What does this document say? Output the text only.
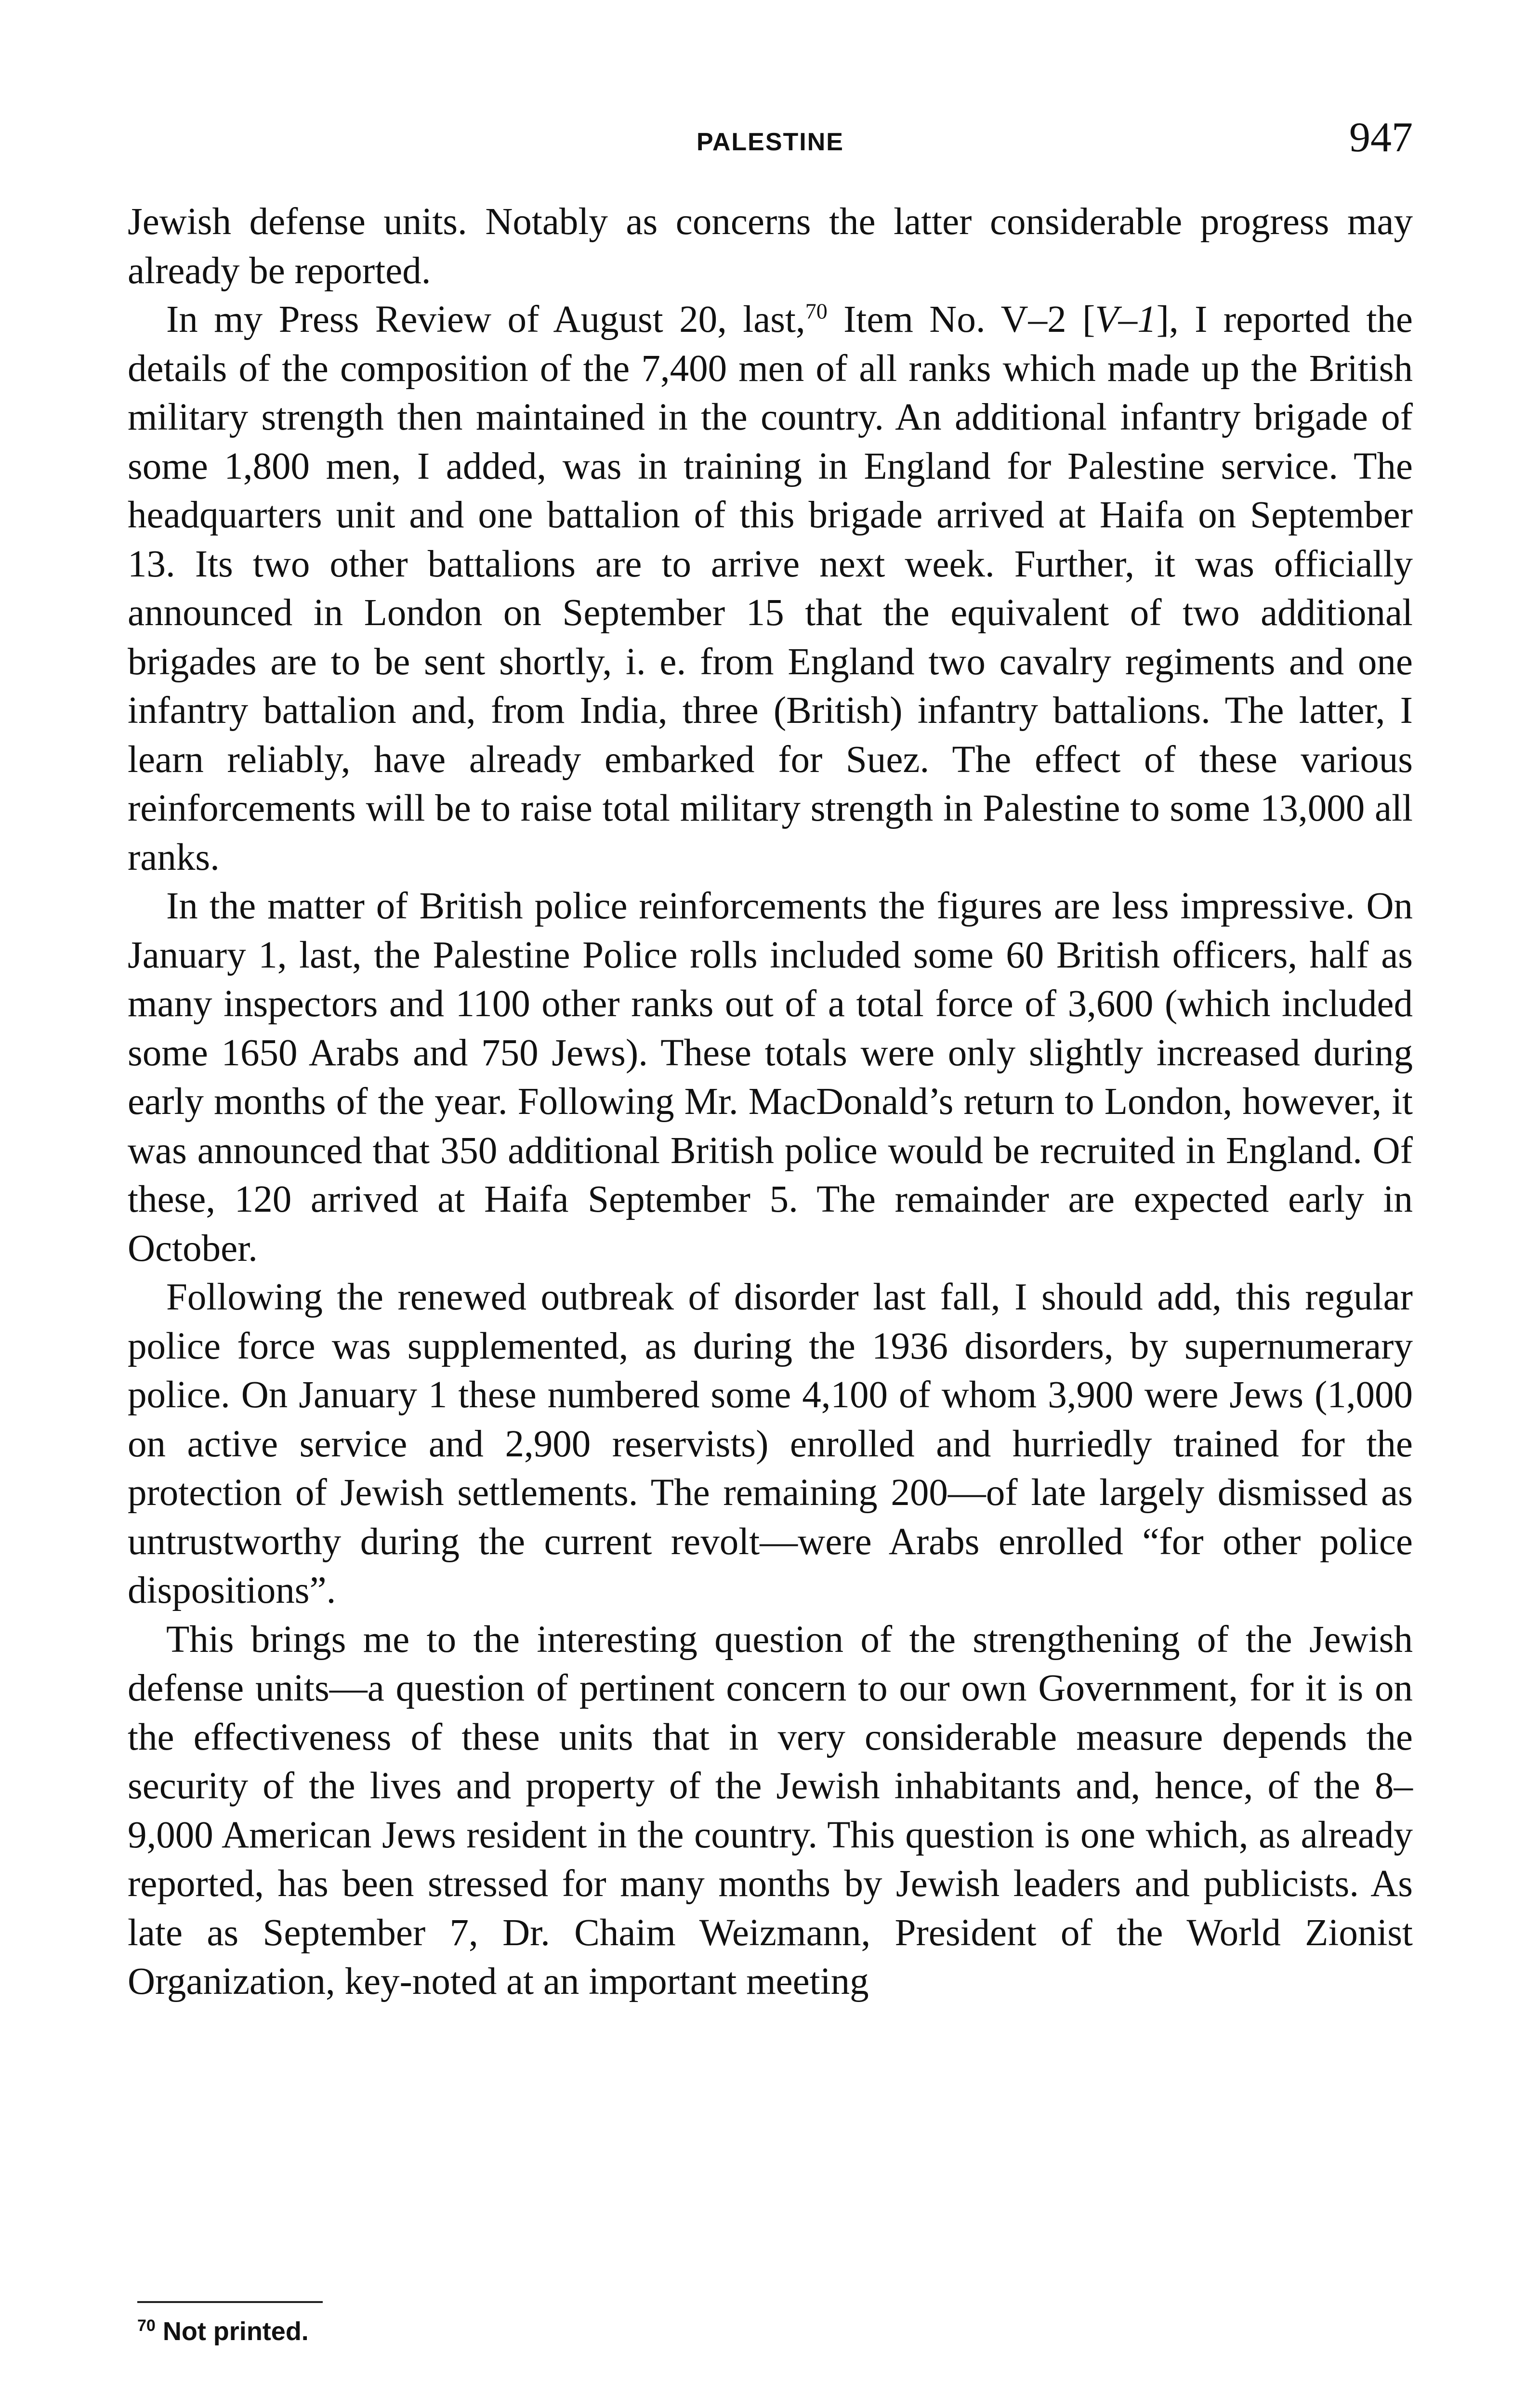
PALESTINE	947

Jewish defense units. Notably as concerns the latter considerable progress may already be reported.

In my Press Review of August 20, last,$^{70}$ Item No. V–2 [V–1], I reported the details of the composition of the 7,400 men of all ranks which made up the British military strength then maintained in the country. An additional infantry brigade of some 1,800 men, I added, was in training in England for Palestine service. The headquarters unit and one battalion of this brigade arrived at Haifa on September 13. Its two other battalions are to arrive next week. Further, it was officially announced in London on September 15 that the equivalent of two additional brigades are to be sent shortly, i. e. from England two cavalry regiments and one infantry battalion and, from India, three (British) infantry battalions. The latter, I learn reliably, have already embarked for Suez. The effect of these various reinforcements will be to raise total military strength in Palestine to some 13,000 all ranks.

In the matter of British police reinforcements the figures are less impressive. On January 1, last, the Palestine Police rolls included some 60 British officers, half as many inspectors and 1100 other ranks out of a total force of 3,600 (which included some 1650 Arabs and 750 Jews). These totals were only slightly increased during early months of the year. Following Mr. MacDonald’s return to London, however, it was announced that 350 additional British police would be recruited in England. Of these, 120 arrived at Haifa September 5. The remainder are expected early in October.

Following the renewed outbreak of disorder last fall, I should add, this regular police force was supplemented, as during the 1936 disorders, by supernumerary police. On January 1 these numbered some 4,100 of whom 3,900 were Jews (1,000 on active service and 2,900 reservists) enrolled and hurriedly trained for the protection of Jewish settlements. The remaining 200—of late largely dismissed as untrustworthy during the current revolt—were Arabs enrolled “for other police dispositions”.

This brings me to the interesting question of the strengthening of the Jewish defense units—a question of pertinent concern to our own Government, for it is on the effectiveness of these units that in very considerable measure depends the security of the lives and property of the Jewish inhabitants and, hence, of the 8–9,000 American Jews resident in the country. This question is one which, as already reported, has been stressed for many months by Jewish leaders and publicists. As late as September 7, Dr. Chaim Weizmann, President of the World Zionist Organization, key-noted at an important meeting

$^{70}$ Not printed.
